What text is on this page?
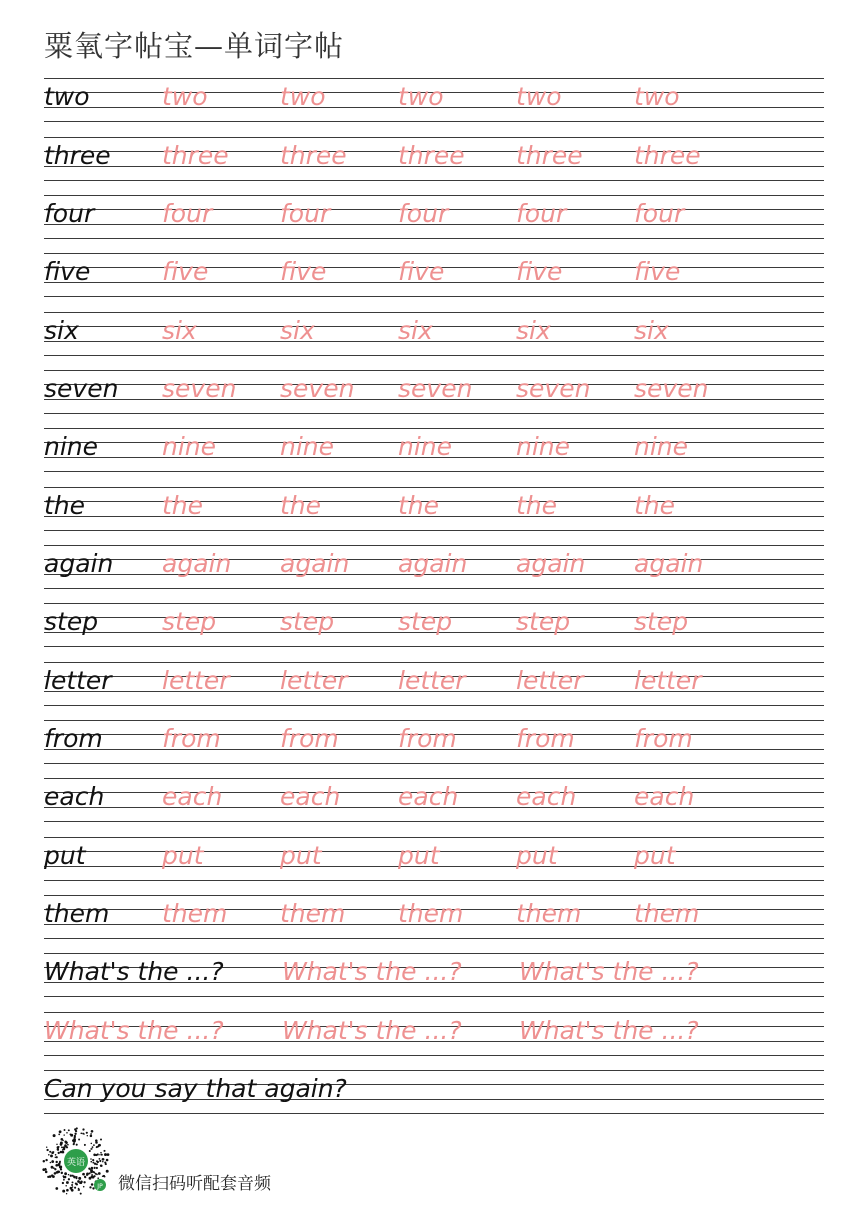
粟氧字帖宝—单词字帖
two	two	two	two	two	two
three three three three three three
four	four	four	four	four	four
five	five	five	five	five	five
six	six	six	six	six	six
seven seven seven seven seven seven
nine	nine	nine	nine	nine	nine
the	the	the	the	the	the
again again again again again again
step	step	step	step	step	step
letter letter letter letter letter letter
from from from from from from
each each each each each each
put	put	put	put	put	put
them them them them them them
What's the ...? What's the ...? What's the ...?
What's the ...? What's the ...? What's the ...?
Can you say that again?
英语
JP 微信扫码听配套音频
